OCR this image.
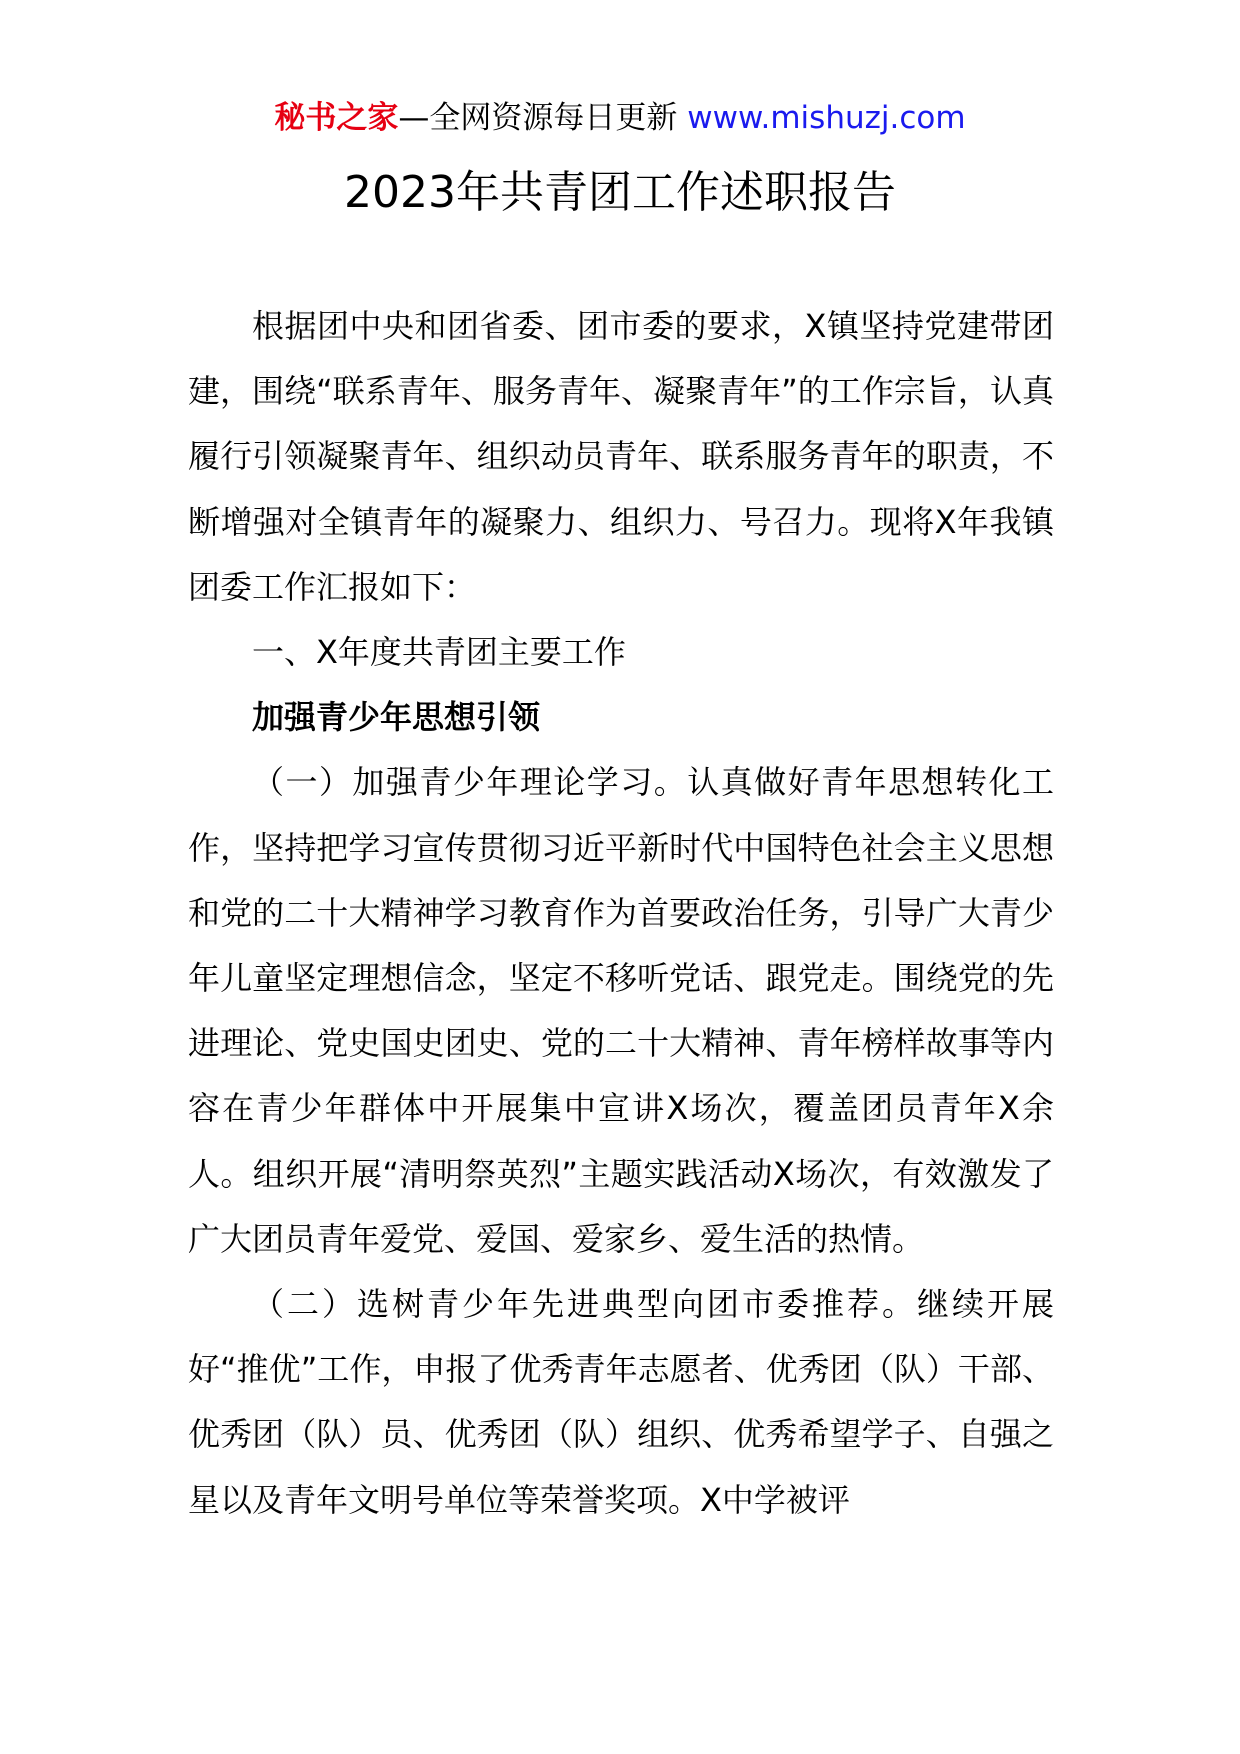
秘书之家—全网资源每日更新 www.mishuzj.com
2023年共青团工作述职报告

根据团中央和团省委、团市委的要求，X镇坚持党建带团建，围绕“联系青年、服务青年、凝聚青年”的工作宗旨，认真履行引领凝聚青年、组织动员青年、联系服务青年的职责，不断增强对全镇青年的凝聚力、组织力、号召力。现将X年我镇团委工作汇报如下：

一、X年度共青团主要工作

加强青少年思想引领

（一）加强青少年理论学习。认真做好青年思想转化工作，坚持把学习宣传贯彻习近平新时代中国特色社会主义思想和党的二十大精神学习教育作为首要政治任务，引导广大青少年儿童坚定理想信念，坚定不移听党话、跟党走。围绕党的先进理论、党史国史团史、党的二十大精神、青年榜样故事等内容在青少年群体中开展集中宣讲X场次，覆盖团员青年X余人。组织开展“清明祭英烈”主题实践活动X场次，有效激发了广大团员青年爱党、爱国、爱家乡、爱生活的热情。

（二）选树青少年先进典型向团市委推荐。继续开展好“推优”工作，申报了优秀青年志愿者、优秀团（队）干部、优秀团（队）员、优秀团（队）组织、优秀希望学子、自强之星以及青年文明号单位等荣誉奖项。X中学被评
